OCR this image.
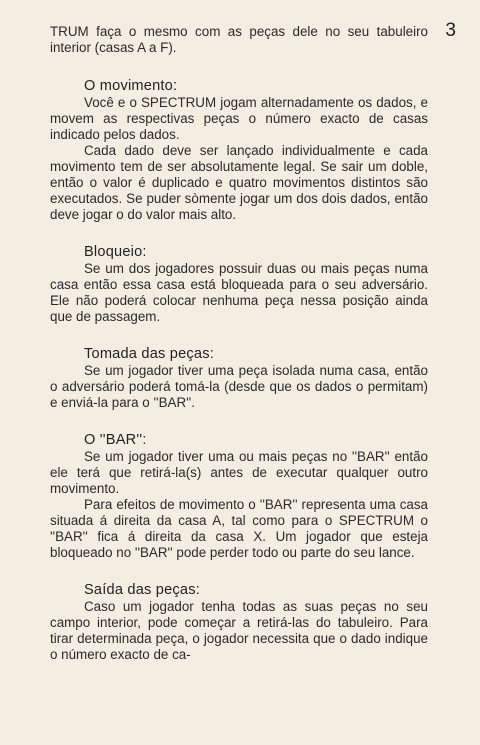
3

TRUM faça o mesmo com as peças dele no seu tabuleiro interior (casas A a F).

O movimento:

Você e o SPECTRUM jogam alternadamente os dados, e movem as respectivas peças o número exacto de casas indicado pelos dados.

Cada dado deve ser lançado individualmente e cada movimento tem de ser absolutamente legal. Se sair um doble, então o valor é duplicado e quatro movimentos distintos são executados. Se puder sòmente jogar um dos dois dados, então deve jogar o do valor mais alto.

Bloqueio:

Se um dos jogadores possuir duas ou mais peças numa casa então essa casa está bloqueada para o seu adversário. Ele não poderá colocar nenhuma peça nessa posição ainda que de passagem.

Tomada das peças:

Se um jogador tiver uma peça isolada numa casa, então o adversário poderá tomá-la (desde que os dados o permitam) e enviá-la para o ''BAR''.

O ''BAR'':

Se um jogador tiver uma ou mais peças no ''BAR'' então ele terá que retirá-la(s) antes de executar qualquer outro movimento.

Para efeitos de movimento o ''BAR'' representa uma casa situada á direita da casa A, tal como para o SPECTRUM o ''BAR'' fica á direita da casa X. Um jogador que esteja bloqueado no ''BAR'' pode perder todo ou parte do seu lance.

Saída das peças:

Caso um jogador tenha todas as suas peças no seu campo interior, pode começar a retirá-las do tabuleiro. Para tirar determinada peça, o jogador necessita que o dado indique o número exacto de ca-
